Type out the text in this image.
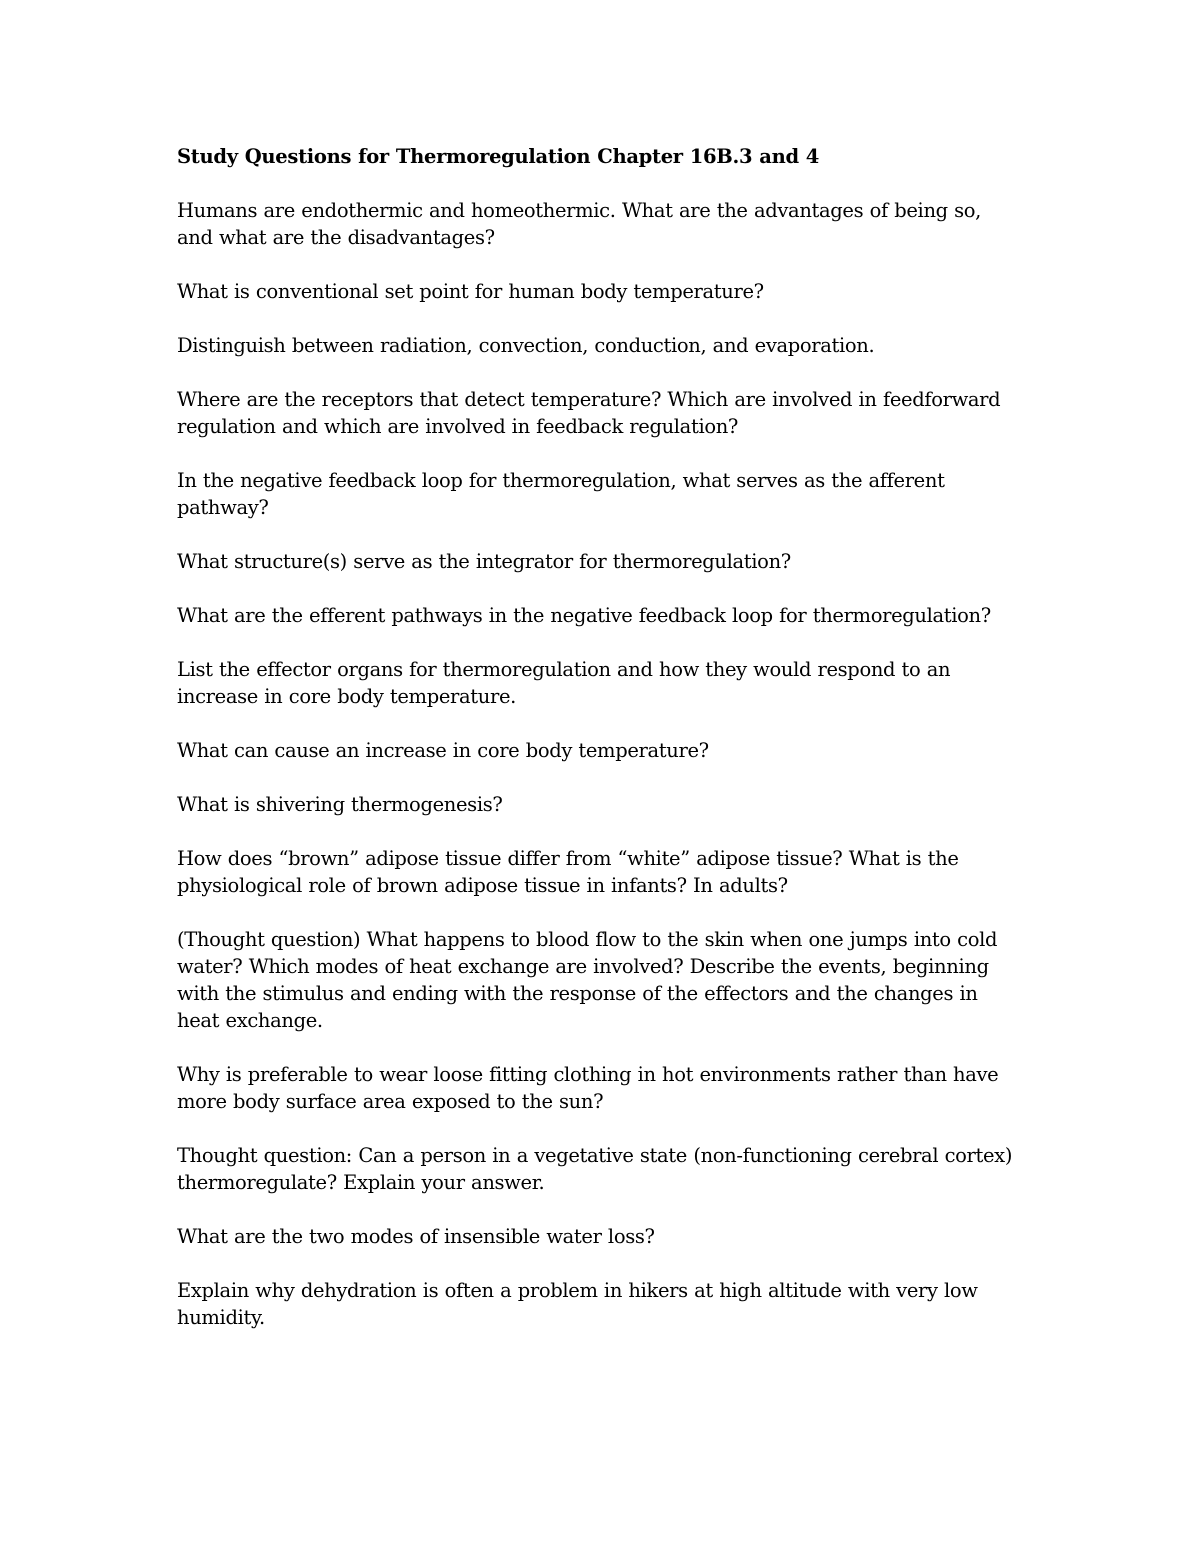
Study Questions for Thermoregulation Chapter 16B.3 and 4

Humans are endothermic and homeothermic. What are the advantages of being so, and what are the disadvantages?

What is conventional set point for human body temperature?

Distinguish between radiation, convection, conduction, and evaporation.

Where are the receptors that detect temperature? Which are involved in feedforward regulation and which are involved in feedback regulation?

In the negative feedback loop for thermoregulation, what serves as the afferent pathway?

What structure(s) serve as the integrator for thermoregulation?

What are the efferent pathways in the negative feedback loop for thermoregulation?

List the effector organs for thermoregulation and how they would respond to an increase in core body temperature.

What can cause an increase in core body temperature?

What is shivering thermogenesis?

How does “brown” adipose tissue differ from “white” adipose tissue? What is the physiological role of brown adipose tissue in infants? In adults?

(Thought question) What happens to blood flow to the skin when one jumps into cold water? Which modes of heat exchange are involved? Describe the events, beginning with the stimulus and ending with the response of the effectors and the changes in heat exchange.

Why is preferable to wear loose fitting clothing in hot environments rather than have more body surface area exposed to the sun?

Thought question: Can a person in a vegetative state (non-functioning cerebral cortex) thermoregulate? Explain your answer.

What are the two modes of insensible water loss?

Explain why dehydration is often a problem in hikers at high altitude with very low humidity.
